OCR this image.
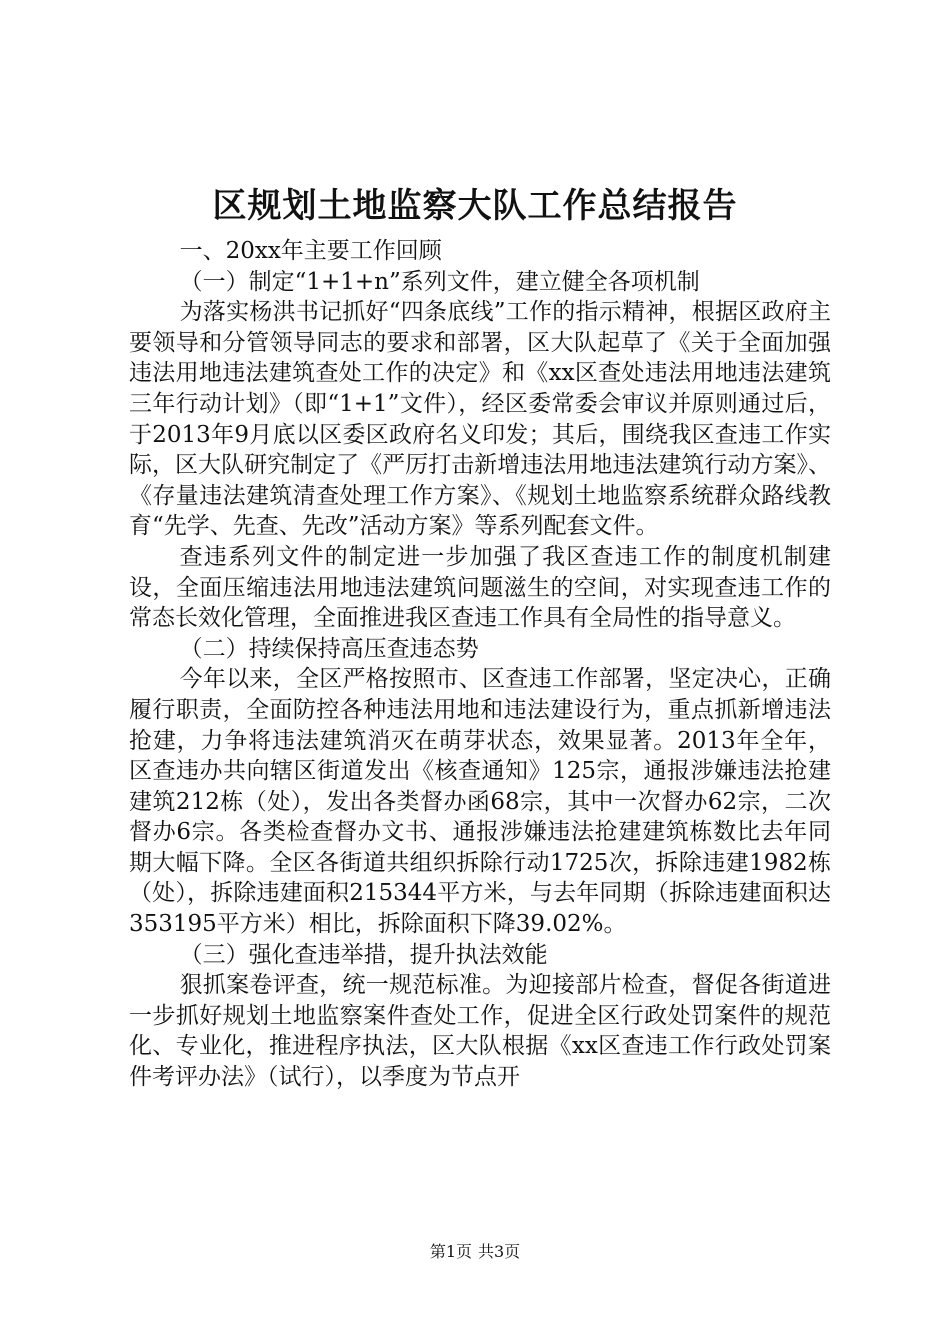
区规划土地监察大队工作总结报告

一、20xx年主要工作回顾

（一）制定“1+1+n”系列文件，建立健全各项机制

为落实杨洪书记抓好“四条底线”工作的指示精神，根据区政府主要领导和分管领导同志的要求和部署，区大队起草了《关于全面加强违法用地违法建筑查处工作的决定》和《xx区查处违法用地违法建筑三年行动计划》（即“1+1”文件），经区委常委会审议并原则通过后，于2013年9月底以区委区政府名义印发；其后，围绕我区查违工作实际，区大队研究制定了《严厉打击新增违法用地违法建筑行动方案》、《存量违法建筑清查处理工作方案》、《规划土地监察系统群众路线教育“先学、先查、先改”活动方案》等系列配套文件。

查违系列文件的制定进一步加强了我区查违工作的制度机制建设，全面压缩违法用地违法建筑问题滋生的空间，对实现查违工作的常态长效化管理，全面推进我区查违工作具有全局性的指导意义。

（二）持续保持高压查违态势

今年以来，全区严格按照市、区查违工作部署，坚定决心，正确履行职责，全面防控各种违法用地和违法建设行为，重点抓新增违法抢建，力争将违法建筑消灭在萌芽状态，效果显著。2013年全年，区查违办共向辖区街道发出《核查通知》125宗，通报涉嫌违法抢建建筑212栋（处），发出各类督办函68宗，其中一次督办62宗，二次督办6宗。各类检查督办文书、通报涉嫌违法抢建建筑栋数比去年同期大幅下降。全区各街道共组织拆除行动1725次，拆除违建1982栋（处），拆除违建面积215344平方米，与去年同期（拆除违建面积达353195平方米）相比，拆除面积下降39.02%。

（三）强化查违举措，提升执法效能

狠抓案卷评查，统一规范标准。为迎接部片检查，督促各街道进一步抓好规划土地监察案件查处工作，促进全区行政处罚案件的规范化、专业化，推进程序执法，区大队根据《xx区查违工作行政处罚案件考评办法》（试行），以季度为节点开

第1页 共3页
